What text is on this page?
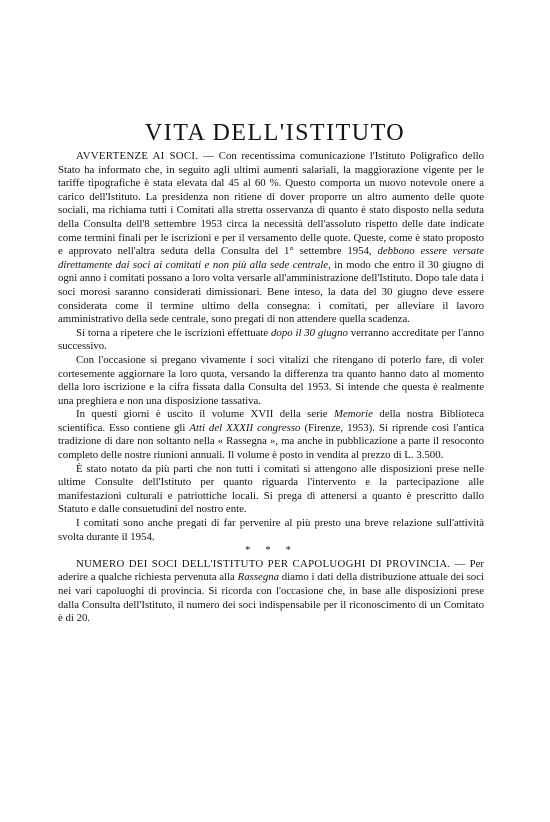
VITA DELL'ISTITUTO

AVVERTENZE AI SOCI. — Con recentissima comunicazione l'Istituto Poligrafico dello Stato ha informato che, in seguito agli ultimi aumenti salariali, la maggiorazione vigente per le tariffe tipografiche è stata elevata dal 45 al 60 %. Questo comporta un nuovo notevole onere a carico dell'Istituto. La presidenza non ritiene di dover proporre un altro aumento delle quote sociali, ma richiama tutti i Comitati alla stretta osservanza di quanto è stato disposto nella seduta della Consulta dell'8 settembre 1953 circa la necessità dell'assoluto rispetto delle date indicate come termini finali per le iscrizioni e per il versamento delle quote. Queste, come è stato proposto e approvato nell'altra seduta della Consulta del 1° settembre 1954, debbono essere versate direttamente dai soci ai comitati e non più alla sede centrale, in modo che entro il 30 giugno di ogni anno i comitati possano a loro volta versarle all'amministrazione dell'Istituto. Dopo tale data i soci morosi saranno considerati dimissionari. Bene inteso, la data del 30 giugno deve essere considerata come il termine ultimo della consegna: i comitati, per alleviare il lavoro amministrativo della sede centrale, sono pregati di non attendere quella scadenza.

Si torna a ripetere che le iscrizioni effettuate dopo il 30 giugno verranno accreditate per l'anno successivo.

Con l'occasione si pregano vivamente i soci vitalizi che ritengano di poterlo fare, di voler cortesemente aggiornare la loro quota, versando la differenza tra quanto hanno dato al momento della loro iscrizione e la cifra fissata dalla Consulta del 1953. Si intende che questa è realmente una preghiera e non una disposizione tassativa.

In questi giorni è uscito il volume XVII della serie Memorie della nostra Biblioteca scientifica. Esso contiene gli Atti del XXXII congresso (Firenze, 1953). Si riprende così l'antica tradizione di dare non soltanto nella « Rassegna », ma anche in pubblicazione a parte il resoconto completo delle nostre riunioni annuali. Il volume è posto in vendita al prezzo di L. 3.500.

È stato notato da più parti che non tutti i comitati si attengono alle disposizioni prese nelle ultime Consulte dell'Istituto per quanto riguarda l'intervento e la partecipazione alle manifestazioni culturali e patriottiche locali. Si prega di attenersi a quanto è prescritto dallo Statuto e dalle consuetudini del nostro ente.

I comitati sono anche pregati di far pervenire al più presto una breve relazione sull'attività svolta durante il 1954.

* * *

NUMERO DEI SOCI DELL'ISTITUTO PER CAPOLUOGHI DI PROVINCIA. — Per aderire a qualche richiesta pervenuta alla Rassegna diamo i dati della distribuzione attuale dei soci nei vari capoluoghi di provincia. Si ricorda con l'occasione che, in base alle disposizioni prese dalla Consulta dell'Istituto, il numero dei soci indispensabile per il riconoscimento di un Comitato è di 20.
